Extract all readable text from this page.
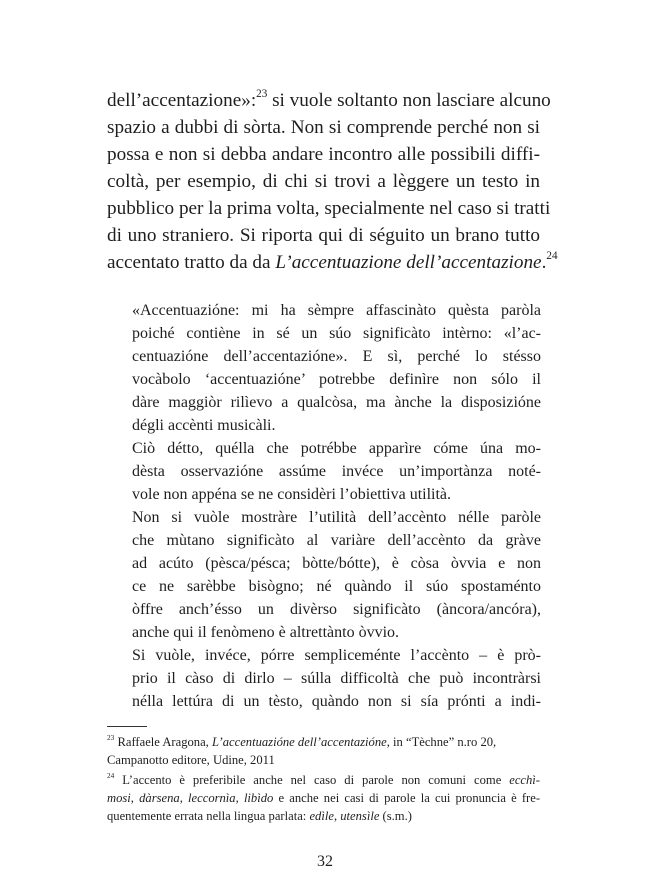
dell’accentazione»:$^{23}$ si vuole soltanto non lasciare alcuno
spazio a dubbi di sòrta. Non si comprende perché non si
possa e non si debba andare incontro alle possibili diffi-
coltà, per esempio, di chi si trovi a lèggere un testo in
pubblico per la prima volta, specialmente nel caso si tratti
di uno straniero. Si riporta qui di séguito un brano tutto
accentato tratto da da L’accentuazione dell’accentazione.$^{24}$
«Accentuazióne: mi ha sèmpre affascinàto quèsta paròla
poiché contiène in sé un súo significàto intèrno: «l’ac-
centuazióne dell’accentazióne». E sì, perché lo stésso
vocàbolo ‘accentuazióne’ potrebbe definìre non sólo il
dàre maggiòr rilìevo a qualcòsa, ma ànche la disposizióne
dégli accènti musicàli.
Ciò détto, quélla che potrébbe apparìre cóme úna mo-
dèsta osservazióne assúme invéce un’importànza noté-
vole non appéna se ne considèri l’obiettiva utilità.
Non si vuòle mostràre l’utilità dell’accènto nélle paròle
che mùtano significàto al variàre dell’accènto da gràve
ad acúto (pèsca/pésca; bòtte/bótte), è còsa òvvia e non
ce ne sarèbbe bisògno; né quàndo il súo spostaménto
òffre anch’ésso un divèrso significàto (àncora/ancóra),
anche qui il fenòmeno è altrettànto òvvio.
Si vuòle, invéce, pórre sempliceménte l’accènto – è prò-
prio il càso di dirlo – súlla difficoltà che può incontràrsi
nélla lettúra di un tèsto, quàndo non si sía prónti a indi-
$^{23}$ Raffaele Aragona, L’accentuazióne dell’accentazióne, in “Tèchne” n.ro 20,
Campanotto editore, Udine, 2011
$^{24}$ L’accento è preferibile anche nel caso di parole non comuni come ecchì-
mosi, dàrsena, leccornìa, libìdo e anche nei casi di parole la cui pronuncia è fre-
quentemente errata nella lingua parlata: edìle, utensìle (s.m.)
32
